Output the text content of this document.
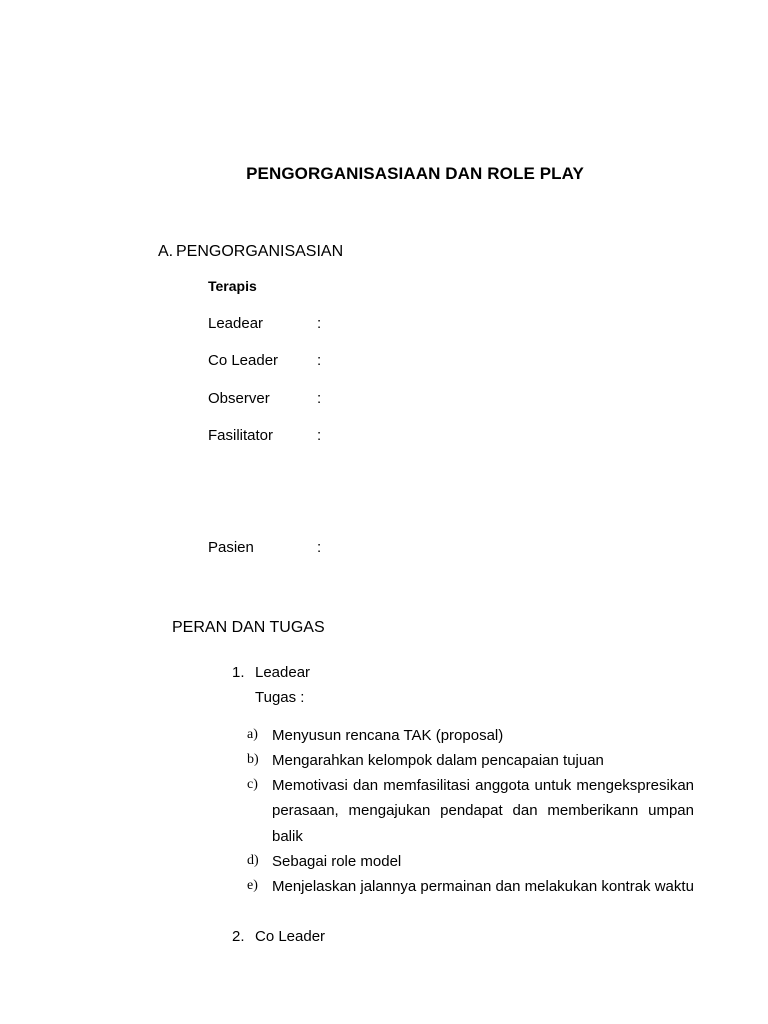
PENGORGANISASIAAN DAN ROLE PLAY
A. PENGORGANISASIAN
Terapis
Leadear	:
Co Leader	:
Observer	:
Fasilitator	:
Pasien	:
PERAN DAN TUGAS
1. Leadear
Tugas :
a) Menyusun rencana TAK (proposal)
b) Mengarahkan kelompok dalam pencapaian tujuan
c) Memotivasi dan memfasilitasi anggota untuk mengekspresikan perasaan, mengajukan pendapat dan memberikann umpan balik
d) Sebagai role model
e) Menjelaskan jalannya permainan dan melakukan kontrak waktu
2. Co Leader
